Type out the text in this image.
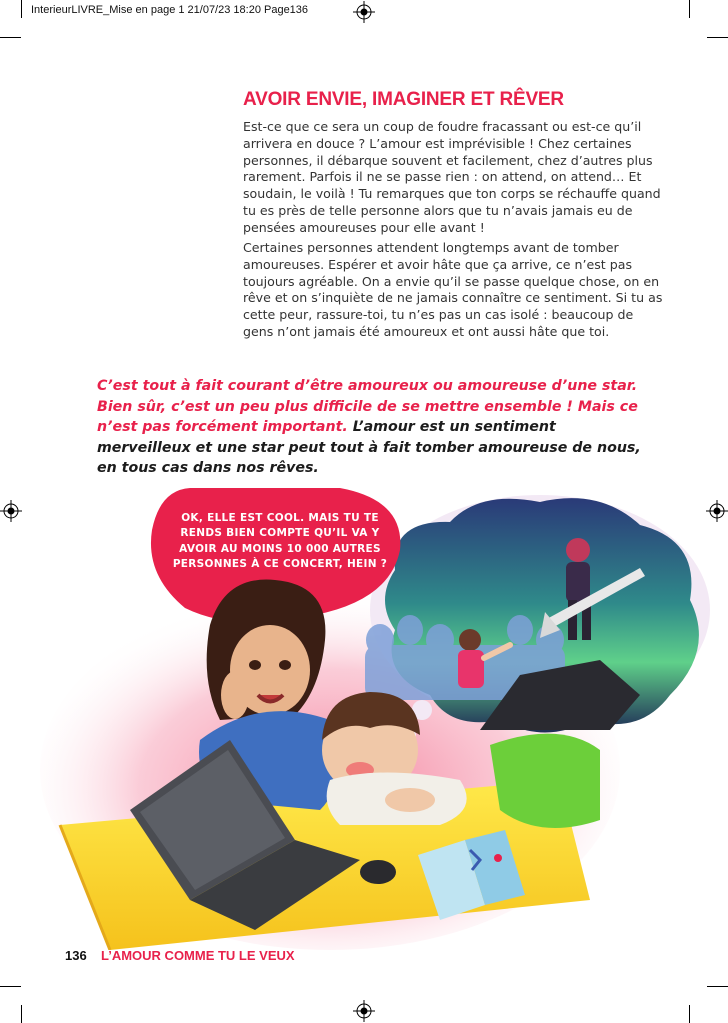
InterieurLIVRE_Mise en page 1 21/07/23 18:20 Page136
AVOIR ENVIE, IMAGINER ET RÊVER

Est-ce que ce sera un coup de foudre fracassant ou est-ce qu’il arrivera en douce ? L’amour est imprévisible ! Chez certaines personnes, il débarque souvent et facilement, chez d’autres plus rarement. Parfois il ne se passe rien : on attend, on attend… Et soudain, le voilà ! Tu remarques que ton corps se réchauffe quand tu es près de telle personne alors que tu n’avais jamais eu de pensées amoureuses pour elle avant !

Certaines personnes attendent longtemps avant de tomber amoureuses. Espérer et avoir hâte que ça arrive, ce n’est pas toujours agréable. On a envie qu’il se passe quelque chose, on en rêve et on s’inquiète de ne jamais connaître ce sentiment. Si tu as cette peur, rassure-toi, tu n’es pas un cas isolé : beaucoup de gens n’ont jamais été amoureux et ont aussi hâte que toi.

C’est tout à fait courant d’être amoureux ou amoureuse d’une star. Bien sûr, c’est un peu plus difficile de se mettre ensemble ! Mais ce n’est pas forcément important. L’amour est un sentiment merveilleux et une star peut tout à fait tomber amoureuse de nous, en tous cas dans nos rêves.

OK, ELLE EST COOL. MAIS TU TE RENDS BIEN COMPTE QU’IL VA Y AVOIR AU MOINS 10 000 AUTRES PERSONNES À CE CONCERT, HEIN ?

136 L’AMOUR COMME TU LE VEUX
